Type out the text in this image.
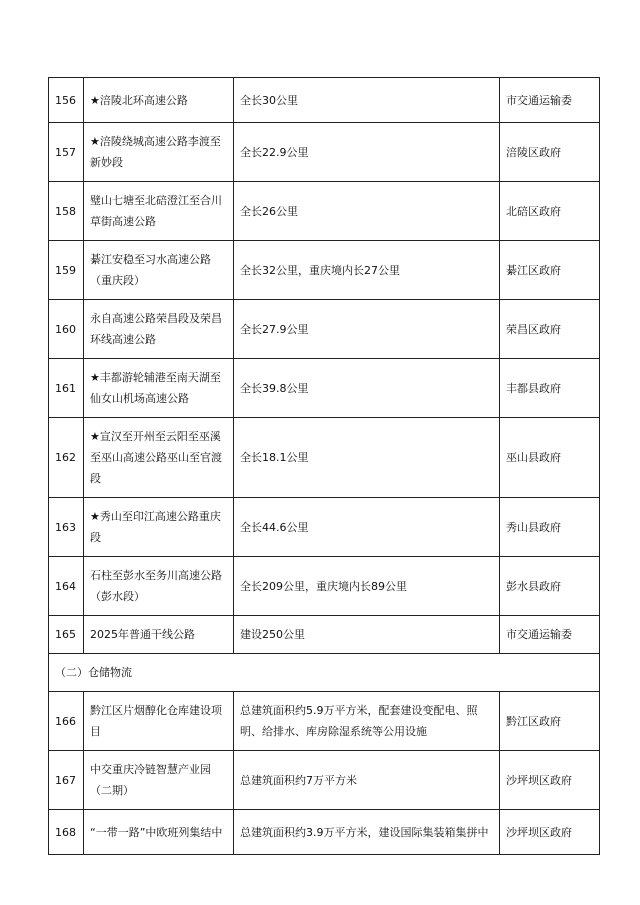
156	★涪陵北环高速公路	全长30公里	市交通运输委
157	★涪陵绕城高速公路李渡至新妙段	全长22.9公里	涪陵区政府
158	璧山七塘至北碚澄江至合川草街高速公路	全长26公里	北碚区政府
159	綦江安稳至习水高速公路（重庆段）	全长32公里，重庆境内长27公里	綦江区政府
160	永自高速公路荣昌段及荣昌环线高速公路	全长27.9公里	荣昌区政府
161	★丰都游轮辅港至南天湖至仙女山机场高速公路	全长39.8公里	丰都县政府
162	★宣汉至开州至云阳至巫溪至巫山高速公路巫山至官渡段	全长18.1公里	巫山县政府
163	★秀山至印江高速公路重庆段	全长44.6公里	秀山县政府
164	石柱至彭水至务川高速公路（彭水段）	全长209公里，重庆境内长89公里	彭水县政府
165	2025年普通干线公路	建设250公里	市交通运输委
（二）仓储物流			
166	黔江区片烟醇化仓库建设项目	总建筑面积约5.9万平方米，配套建设变配电、照明、给排水、库房除湿系统等公用设施	黔江区政府
167	中交重庆冷链智慧产业园（二期）	总建筑面积约7万平方米	沙坪坝区政府
168	“一带一路”中欧班列集结中	总建筑面积约3.9万平方米，建设国际集装箱集拼中	沙坪坝区政府
